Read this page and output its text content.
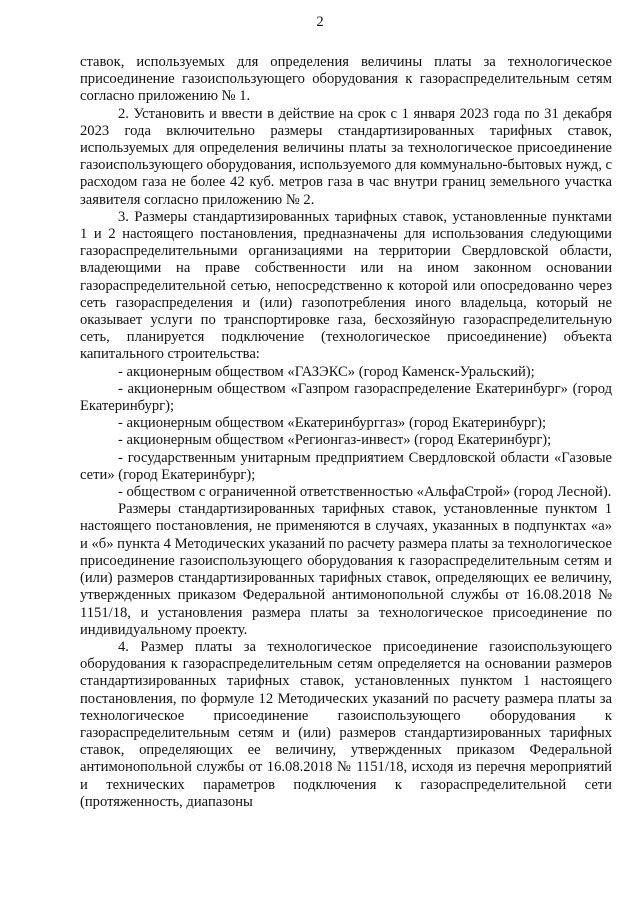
2

ставок, используемых для определения величины платы за технологическое присоединение газоиспользующего оборудования к газораспределительным сетям согласно приложению № 1.

2. Установить и ввести в действие на срок с 1 января 2023 года по 31 декабря 2023 года включительно размеры стандартизированных тарифных ставок, используемых для определения величины платы за технологическое присоединение газоиспользующего оборудования, используемого для коммунально-бытовых нужд, с расходом газа не более 42 куб. метров газа в час внутри границ земельного участка заявителя согласно приложению № 2.

3. Размеры стандартизированных тарифных ставок, установленные пунктами 1 и 2 настоящего постановления, предназначены для использования следующими газораспределительными организациями на территории Свердловской области, владеющими на праве собственности или на ином законном основании газораспределительной сетью, непосредственно к которой или опосредованно через сеть газораспределения и (или) газопотребления иного владельца, который не оказывает услуги по транспортировке газа, бесхозяйную газораспределительную сеть, планируется подключение (технологическое присоединение) объекта капитального строительства:

- акционерным обществом «ГАЗЭКС» (город Каменск-Уральский);

- акционерным обществом «Газпром газораспределение Екатеринбург» (город Екатеринбург);

- акционерным обществом «Екатеринбурггаз» (город Екатеринбург);

- акционерным обществом «Регионгаз-инвест» (город Екатеринбург);

- государственным унитарным предприятием Свердловской области «Газовые сети» (город Екатеринбург);

- обществом с ограниченной ответственностью «АльфаСтрой» (город Лесной).

Размеры стандартизированных тарифных ставок, установленные пунктом 1 настоящего постановления, не применяются в случаях, указанных в подпунктах «а» и «б» пункта 4 Методических указаний по расчету размера платы за технологическое присоединение газоиспользующего оборудования к газораспределительным сетям и (или) размеров стандартизированных тарифных ставок, определяющих ее величину, утвержденных приказом Федеральной антимонопольной службы от 16.08.2018 № 1151/18, и установления размера платы за технологическое присоединение по индивидуальному проекту.

4. Размер платы за технологическое присоединение газоиспользующего оборудования к газораспределительным сетям определяется на основании размеров стандартизированных тарифных ставок, установленных пунктом 1 настоящего постановления, по формуле 12 Методических указаний по расчету размера платы за технологическое присоединение газоиспользующего оборудования к газораспределительным сетям и (или) размеров стандартизированных тарифных ставок, определяющих ее величину, утвержденных приказом Федеральной антимонопольной службы от 16.08.2018 № 1151/18, исходя из перечня мероприятий и технических параметров подключения к газораспределительной сети (протяженность, диапазоны
